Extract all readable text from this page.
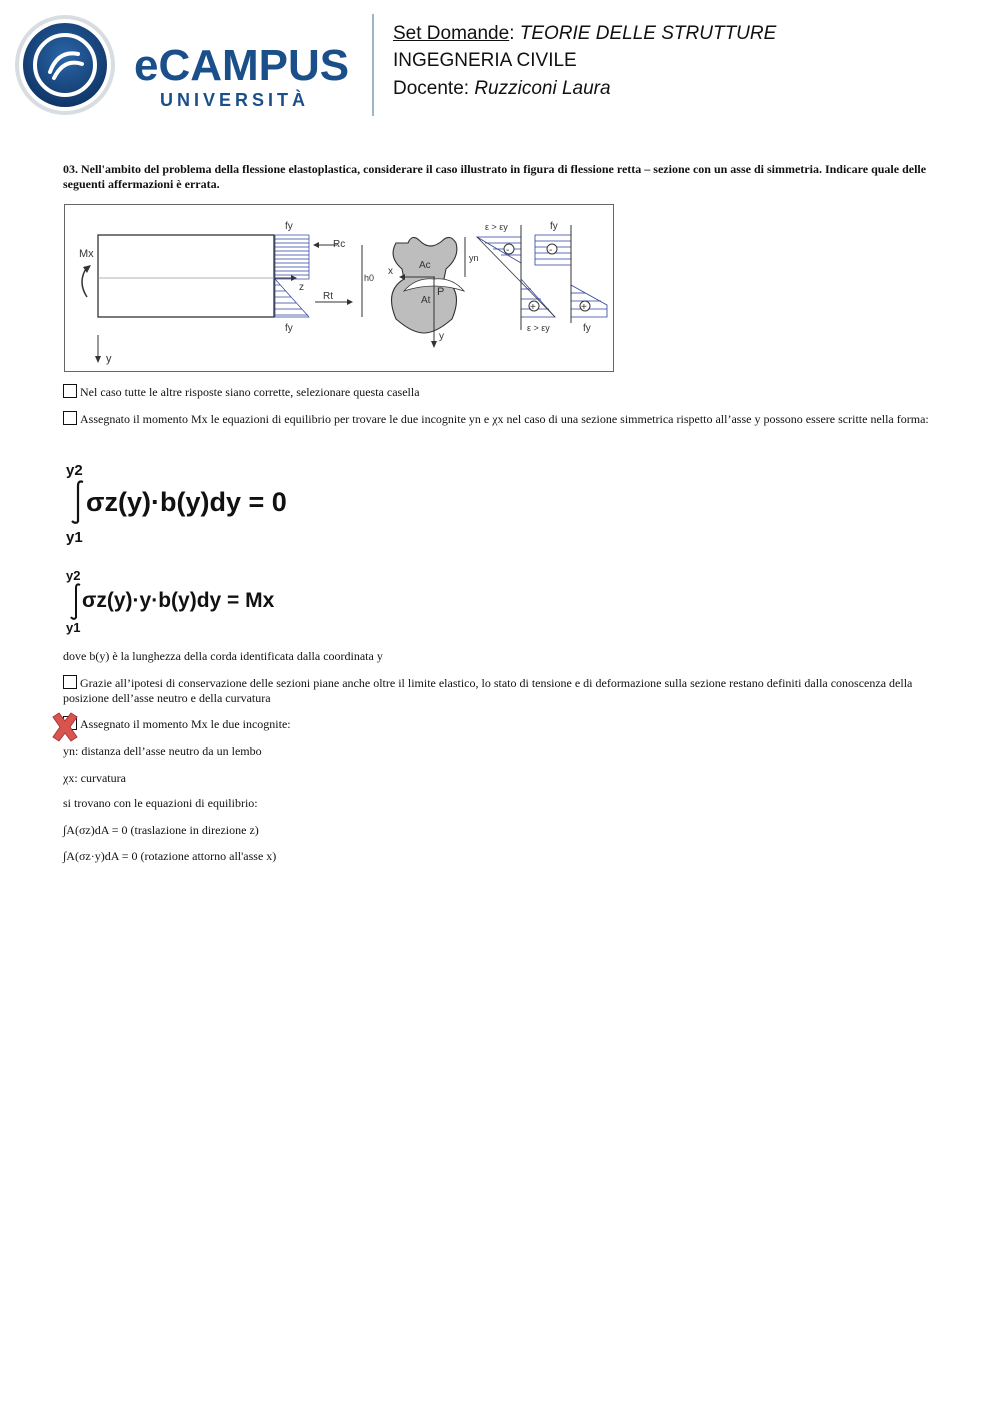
eCAMPUS
UNIVERSITÀ
Set Domande: TEORIE DELLE STRUTTURE
INGEGNERIA CIVILE
Docente: Ruzziconi Laura
03. Nell'ambito del problema della flessione elastoplastica, considerare il caso illustrato in figura di flessione retta – sezione con un asse di simmetria. Indicare quale delle seguenti affermazioni è errata.
Mx
y
fy
fy
Rc
Rt
z
h0
Ac
At
P
x
y
yn
ε > εy
ε > εy
-
+
fy
fy
-
+
Nel caso tutte le altre risposte siano corrette, selezionare questa casella
Assegnato il momento Mx le equazioni di equilibrio per trovare le due incognite yn e χx nel caso di una sezione simmetrica rispetto all’asse y possono essere scritte nella forma:
y2
y1
σz(y)·b(y)dy = 0
y2
y1
σz(y)·y·b(y)dy = Mx
dove b(y) è la lunghezza della corda identificata dalla coordinata y
Grazie all’ipotesi di conservazione delle sezioni piane anche oltre il limite elastico, lo stato di tensione e di deformazione sulla sezione restano definiti dalla conoscenza della posizione dell’asse neutro e della curvatura
Assegnato il momento Mx le due incognite:
yn: distanza dell’asse neutro da un lembo
χx: curvatura
si trovano con le equazioni di equilibrio:
∫A(σz)dA = 0 (traslazione in direzione z)
∫A(σz·y)dA = 0 (rotazione attorno all'asse x)
